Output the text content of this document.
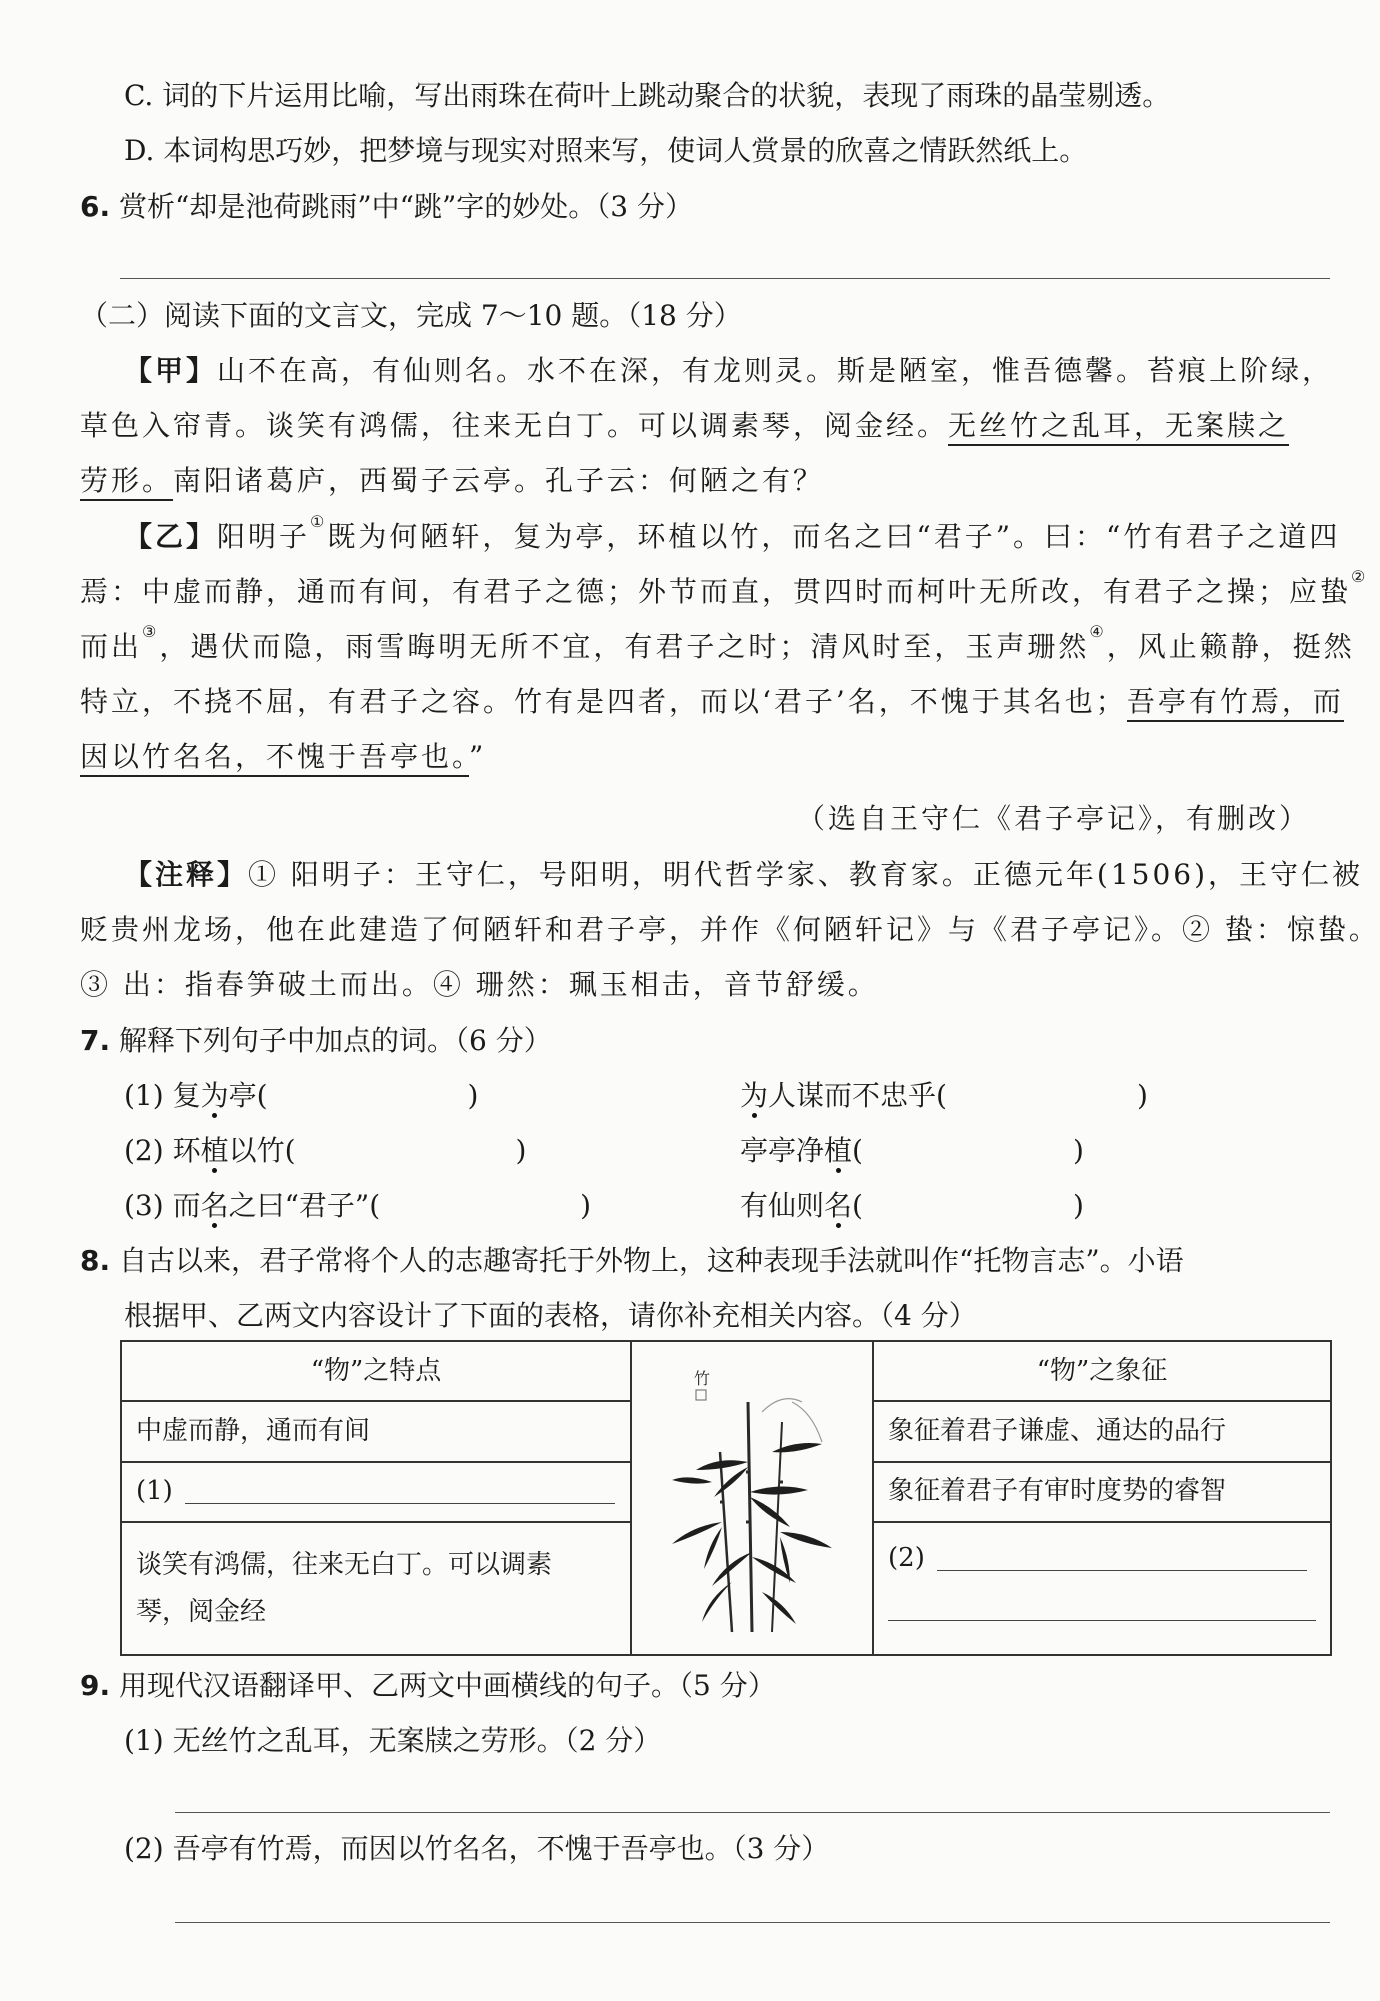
C. 词的下片运用比喻，写出雨珠在荷叶上跳动聚合的状貌，表现了雨珠的晶莹剔透。
D. 本词构思巧妙，把梦境与现实对照来写，使词人赏景的欣喜之情跃然纸上。
6. 赏析“却是池荷跳雨”中“跳”字的妙处。（3 分）
（二）阅读下面的文言文，完成 7～10 题。（18 分）
【甲】山不在高，有仙则名。水不在深，有龙则灵。斯是陋室，惟吾德馨。苔痕上阶绿，
草色入帘青。谈笑有鸿儒，往来无白丁。可以调素琴，阅金经。无丝竹之乱耳，无案牍之
劳形。南阳诸葛庐，西蜀子云亭。孔子云：何陋之有？
【乙】阳明子①既为何陋轩，复为亭，环植以竹，而名之曰“君子”。曰：“竹有君子之道四
焉：中虚而静，通而有间，有君子之德；外节而直，贯四时而柯叶无所改，有君子之操；应蛰②
而出③，遇伏而隐，雨雪晦明无所不宜，有君子之时；清风时至，玉声珊然④，风止籁静，挺然
特立，不挠不屈，有君子之容。竹有是四者，而以‘君子’名，不愧于其名也；吾亭有竹焉，而
因以竹名名，不愧于吾亭也。”
（选自王守仁《君子亭记》，有删改）
【注释】① 阳明子：王守仁，号阳明，明代哲学家、教育家。正德元年(1506)，王守仁被
贬贵州龙场，他在此建造了何陋轩和君子亭，并作《何陋轩记》与《君子亭记》。② 蛰：惊蛰。
③ 出：指春笋破土而出。④ 珊然：珮玉相击，音节舒缓。
7. 解释下列句子中加点的词。（6 分）
(1) 复为亭(	)	为人谋而不忠乎(	)
(2) 环植以竹(	)	亭亭净植(	)
(3) 而名之曰“君子”(	)	有仙则名(	)
8. 自古以来，君子常将个人的志趣寄托于外物上，这种表现手法就叫作“托物言志”。小语
根据甲、乙两文内容设计了下面的表格，请你补充相关内容。（4 分）
“物”之特点	竹	“物”之象征
中虚而静，通而有间		象征着君子谦虚、通达的品行
(1)		象征着君子有审时度势的睿智

谈笑有鸿儒，往来无白丁。可以调素
琴，阅金经		(2)
9. 用现代汉语翻译甲、乙两文中画横线的句子。（5 分）
(1) 无丝竹之乱耳，无案牍之劳形。（2 分）
(2) 吾亭有竹焉，而因以竹名名，不愧于吾亭也。（3 分）
